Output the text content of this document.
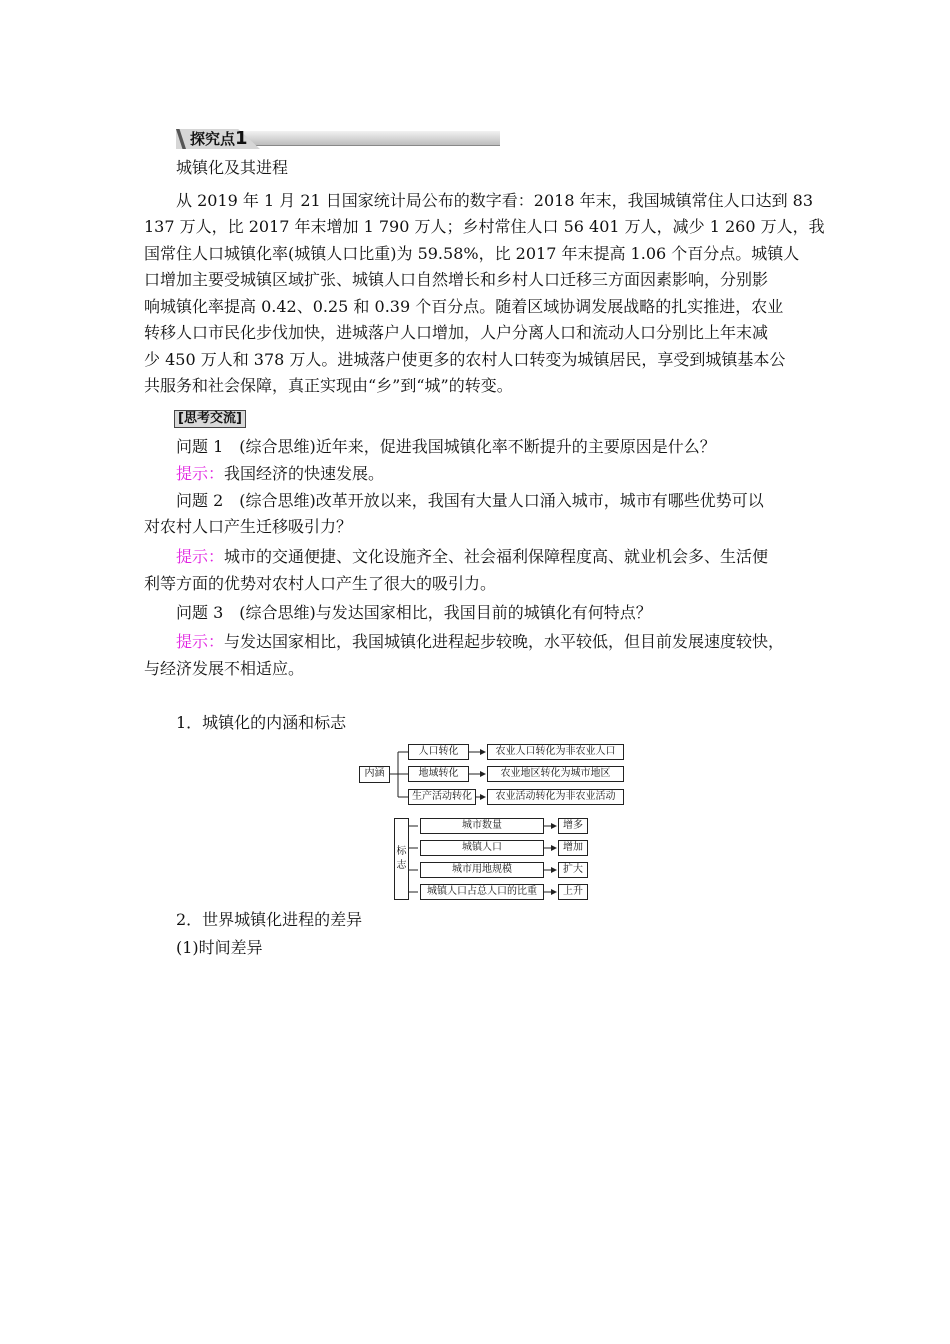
探究点1
城镇化及其进程
从 2019 年 1 月 21 日国家统计局公布的数字看：2018 年末，我国城镇常住人口达到 83
137 万人，比 2017 年末增加 1 790 万人；乡村常住人口 56 401 万人，减少 1 260 万人，我
国常住人口城镇化率(城镇人口比重)为 59.58%，比 2017 年末提高 1.06 个百分点。城镇人
口增加主要受城镇区域扩张、城镇人口自然增长和乡村人口迁移三方面因素影响，分别影
响城镇化率提高 0.42、0.25 和 0.39 个百分点。随着区域协调发展战略的扎实推进，农业
转移人口市民化步伐加快，进城落户人口增加，人户分离人口和流动人口分别比上年末减
少 450 万人和 378 万人。进城落户使更多的农村人口转变为城镇居民，享受到城镇基本公
共服务和社会保障，真正实现由“乡”到“城”的转变。
[思考交流]
问题 1　(综合思维)近年来，促进我国城镇化率不断提升的主要原因是什么？
提示：我国经济的快速发展。
问题 2　(综合思维)改革开放以来，我国有大量人口涌入城市，城市有哪些优势可以
对农村人口产生迁移吸引力？
提示：城市的交通便捷、文化设施齐全、社会福利保障程度高、就业机会多、生活便
利等方面的优势对农村人口产生了很大的吸引力。
问题 3　(综合思维)与发达国家相比，我国目前的城镇化有何特点？
提示：与发达国家相比，我国城镇化进程起步较晚，水平较低，但目前发展速度较快，
与经济发展不相适应。
1．城镇化的内涵和标志
内涵
人口转化
地域转化
生产活动转化
农业人口转化为非农业人口
农业地区转化为城市地区
农业活动转化为非农业活动
标志
城市数量
城镇人口
城市用地规模
城镇人口占总人口的比重
增多
增加
扩大
上升
2．世界城镇化进程的差异
(1)时间差异
